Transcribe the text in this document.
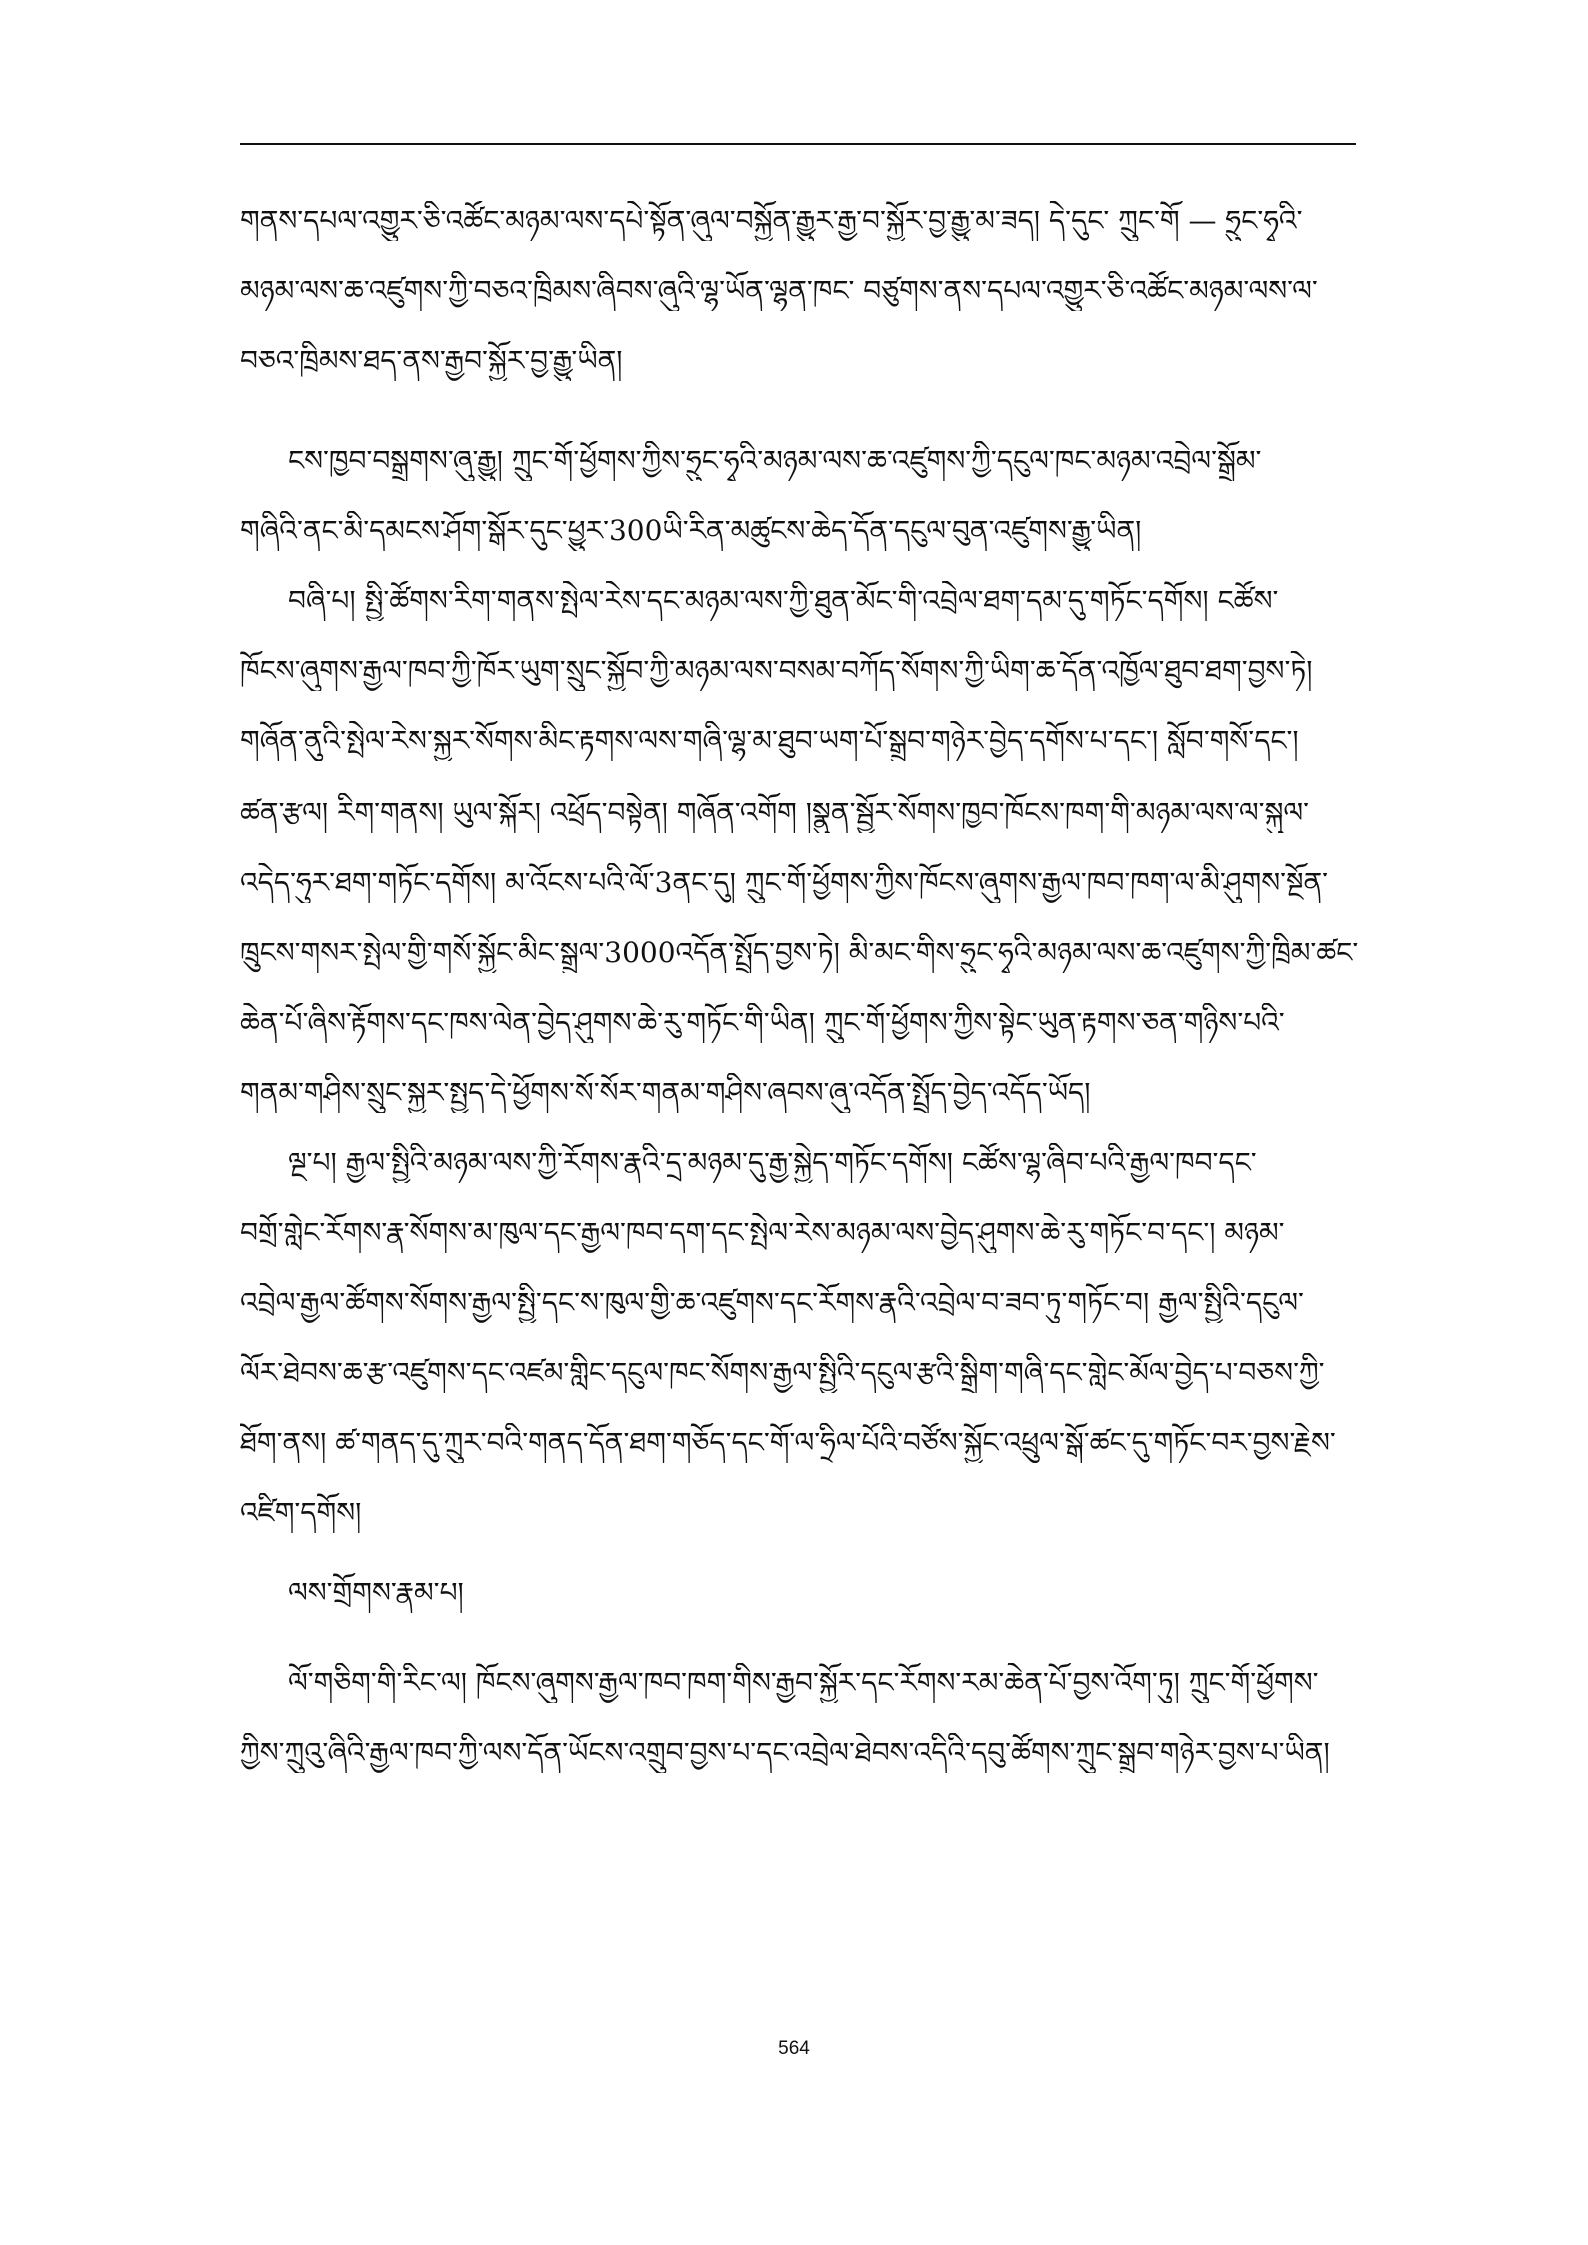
གནས་དཔལ་འགྱུར་ཅི་འཚོང་མཉམ་ལས་དཔེ་སྟོན་ཞུལ་བསྐྱོན་རྒྱུར་རྒྱ་བ་སྐྱོར་བྱ་རྒྱུ་མ་ཟད། དེ་དུང་ ཀྲུང་གོ — ཧྲུང་ཧྭའི་
མཉམ་ལས་ཆ་འཛུགས་ཀྱི་བཅའ་ཁྲིམས་ཞིབས་ཞུའི་ལྷ་ཡོན་ལྷན་ཁང་ བཙུགས་ནས་དཔལ་འགྱུར་ཅི་འཚོང་མཉམ་ལས་ལ་
བཅའ་ཁྲིམས་ཐད་ནས་རྒྱབ་སྐྱོར་བྱ་རྒྱུ་ཡིན།
ངས་ཁྱབ་བསྒྲགས་ཞུ་རྒྱུ། ཀྲུང་གོ་ཕྱོགས་ཀྱིས་ཧྲུང་ཧྭའི་མཉམ་ལས་ཆ་འཛུགས་ཀྱི་དངུལ་ཁང་མཉམ་འབྲེལ་སྒྲོམ་
གཞིའི་ནང་མི་དམངས་ཤོག་སྒོར་དུང་ཕྱུར་300ཡི་རིན་མཚུངས་ཆེད་དོན་དངུལ་བུན་འཛུགས་རྒྱུ་ཡིན།
བཞི་པ། སྤྱི་ཚོགས་རིག་གནས་སྤེལ་རེས་དང་མཉམ་ལས་ཀྱི་ཐུན་མོང་གི་འབྲེལ་ཐག་དམ་དུ་གཏོང་དགོས། ངཚོས་
ཁོངས་ཞུགས་རྒྱལ་ཁབ་ཀྱི་ཁོར་ཡུག་སྲུང་སྐྱོབ་ཀྱི་མཉམ་ལས་བསམ་བཀོད་སོགས་ཀྱི་ཡིག་ཆ་དོན་འཁྱོལ་ཐུབ་ཐག་བྱས་ཏེ།
གཞོན་ནུའི་སྤེལ་རེས་སྐྱར་སོགས་མིང་རྟགས་ལས་གཞི་ལྷ་མ་ཐུབ་ཡག་པོ་སྒྲུབ་གཉེར་བྱེད་དགོས་པ་དང་། སློབ་གསོ་དང་།
ཚན་རྩལ། རིག་གནས། ཡུལ་སྐོར། འཕྲོད་བསྟེན། གཞོན་འགོག །སྣུན་སྦྱོར་སོགས་ཁྱབ་ཁོངས་ཁག་གི་མཉམ་ལས་ལ་སྐུལ་
འདེད་ཧུར་ཐག་གཏོང་དགོས། མ་འོངས་པའི་ལོ་3ནང་དུ། ཀྲུང་གོ་ཕྱོགས་ཀྱིས་ཁོངས་ཞུགས་རྒྱལ་ཁབ་ཁག་ལ་མི་ཤུགས་སྔོན་
ཁྲུངས་གསར་སྤེལ་གྱི་གསོ་སྐྱོང་མིང་སྒྲུལ་3000འདོན་སྤྲོད་བྱས་ཏེ། མི་མང་གིས་ཧྲུང་ཧྭའི་མཉམ་ལས་ཆ་འཛུགས་ཀྱི་ཁྲིམ་ཚང་
ཆེན་པོ་ཞིས་རྟོགས་དང་ཁས་ལེན་བྱེད་ཤུགས་ཆེ་རུ་གཏོང་གི་ཡིན། ཀྲུང་གོ་ཕྱོགས་ཀྱིས་སྟེང་ཡུན་རྟགས་ཅན་གཉིས་པའི་
གནམ་གཤིས་སྲུང་སྐྱར་སྤྱད་དེ་ཕྱོགས་སོ་སོར་གནམ་གཤིས་ཞབས་ཞུ་འདོན་སྤྲོད་བྱེད་འདོད་ཡོད།
ལྔ་པ། རྒྱལ་སྤྱིའི་མཉམ་ལས་ཀྱི་རོགས་རྣའི་དྲ་མཉམ་དུ་རྒྱ་སྐྱེད་གཏོང་དགོས། ངཚོས་ལྷ་ཞིབ་པའི་རྒྱལ་ཁབ་དང་
བགྲོ་གླེང་རོགས་རྣ་སོགས་མ་ཁུལ་དང་རྒྱལ་ཁབ་དག་དང་སྤེལ་རེས་མཉམ་ལས་བྱེད་ཤུགས་ཆེ་རུ་གཏོང་བ་དང་། མཉམ་
འབྲེལ་རྒྱལ་ཚོགས་སོགས་རྒྱལ་སྤྱི་དང་ས་ཁུལ་གྱི་ཆ་འཛུགས་དང་རོགས་རྣའི་འབྲེལ་བ་ཟབ་ཏུ་གཏོང་བ། རྒྱལ་སྤྱིའི་དངུལ་
ལོར་ཐེབས་ཆ་རྩ་འཛུགས་དང་འཛམ་གླིང་དངུལ་ཁང་སོགས་རྒྱལ་སྤྱིའི་དངུལ་རྩའི་སྒྲིག་གཞི་དང་གླེང་མོལ་བྱེད་པ་བཅས་ཀྱི་
ཐོག་ནས། ཚ་གནད་དུ་ཀྲུར་བའི་གནད་དོན་ཐག་གཅོད་དང་གོ་ལ་ཧྲིལ་པོའི་བཙོས་སྐྱོང་འཕྲུལ་སྒོ་ཚང་དུ་གཏོང་བར་བྱས་རྗེས་
འཛིག་དགོས།
ལས་གྲོགས་རྣམ་པ།
ལོ་གཅིག་གི་རིང་ལ། ཁོངས་ཞུགས་རྒྱལ་ཁབ་ཁག་གིས་རྒྱབ་སྐྱོར་དང་རོགས་རམ་ཆེན་པོ་བྱས་འོག་ཏུ། ཀྲུང་གོ་ཕྱོགས་
ཀྱིས་ཀྲུའུ་ཞིའི་རྒྱལ་ཁབ་ཀྱི་ལས་དོན་ཡོངས་འགྲུབ་བྱས་པ་དང་འབྲེལ་ཐེབས་འདིའི་དབུ་ཚོགས་ཀྲུང་སྒྲུབ་གཉེར་བྱས་པ་ཡིན།
564
